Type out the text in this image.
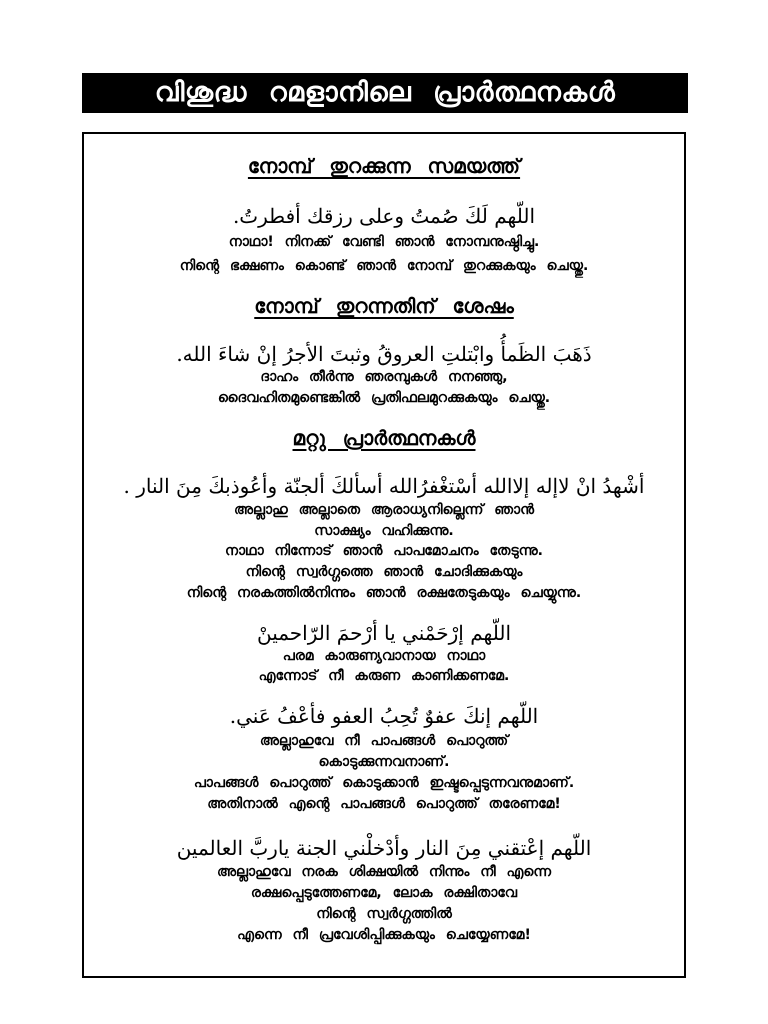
വിശുദ്ധ റമളാനിലെ പ്രാർത്ഥനകൾ
നോമ്പ് തുറക്കുന്ന സമയത്ത്
اللّهم لَكَ صُمتُ وعلى رزقك أفطرتُ.
നാഥാ! നിനക്ക് വേണ്ടി ഞാൻ നോമ്പനുഷ്ഠിച്ചു.
നിന്റെ ഭക്ഷണം കൊണ്ട് ഞാൻ നോമ്പ് തുറക്കുകയും ചെയ്തു.
നോമ്പ് തുറന്നതിന് ശേഷം
ذَهَبَ الظَمأُ وابْتلتِ العروقُ وثبتَ الأجرُ إنْ شاءَ الله.
ദാഹം തീർന്നു ഞരമ്പുകൾ നനഞ്ഞു,
ദൈവഹിതമുണ്ടെങ്കിൽ പ്രതിഫലമുറക്കുകയും ചെയ്തു.
മറ്റു പ്രാർത്ഥനകൾ
أشْهدُ انْ لاإله إلاالله أسْتغْفرُالله أسألكَ ألجنّة وأعُوذبكَ مِنَ النار .
അല്ലാഹു അല്ലാതെ ആരാധ്യനില്ലെന്ന് ഞാൻ
സാക്ഷ്യം വഹിക്കുന്നു.
നാഥാ നിന്നോട് ഞാൻ പാപമോചനം തേടുന്നു.
നിന്റെ സ്വർഗ്ഗത്തെ ഞാൻ ചോദിക്കുകയും
നിന്റെ നരകത്തിൽനിന്നും ഞാൻ രക്ഷതേടുകയും ചെയ്യുന്നു.
اللّهم إرْحَمْني يا أرْحمَ الرّاحمينْ
പരമ കാരുണ്യവാനായ നാഥാ
എന്നോട് നീ കരുണ കാണിക്കണമേ.
اللّهم إنكَ عفوٌ تُحِبُ العفو فأعْفُ عَني.
അല്ലാഹുവേ നീ പാപങ്ങൾ പൊറുത്ത്
കൊടുക്കുന്നവനാണ്.
പാപങ്ങൾ പൊറുത്ത് കൊടുക്കാൻ ഇഷ്ടപ്പെടുന്നവനുമാണ്.
അതിനാൽ എന്റെ പാപങ്ങൾ പൊറുത്ത് തരേണമേ!
اللّهم إعْتقني مِنَ النار وأدْخلْني الجنة ياربَّ العالمين
അല്ലാഹുവേ നരക ശിക്ഷയിൽ നിന്നും നീ എന്നെ
രക്ഷപ്പെടുത്തേണമേ, ലോക രക്ഷിതാവേ
നിന്റെ സ്വർഗ്ഗത്തിൽ
എന്നെ നീ പ്രവേശിപ്പിക്കുകയും ചെയ്യേണമേ!
